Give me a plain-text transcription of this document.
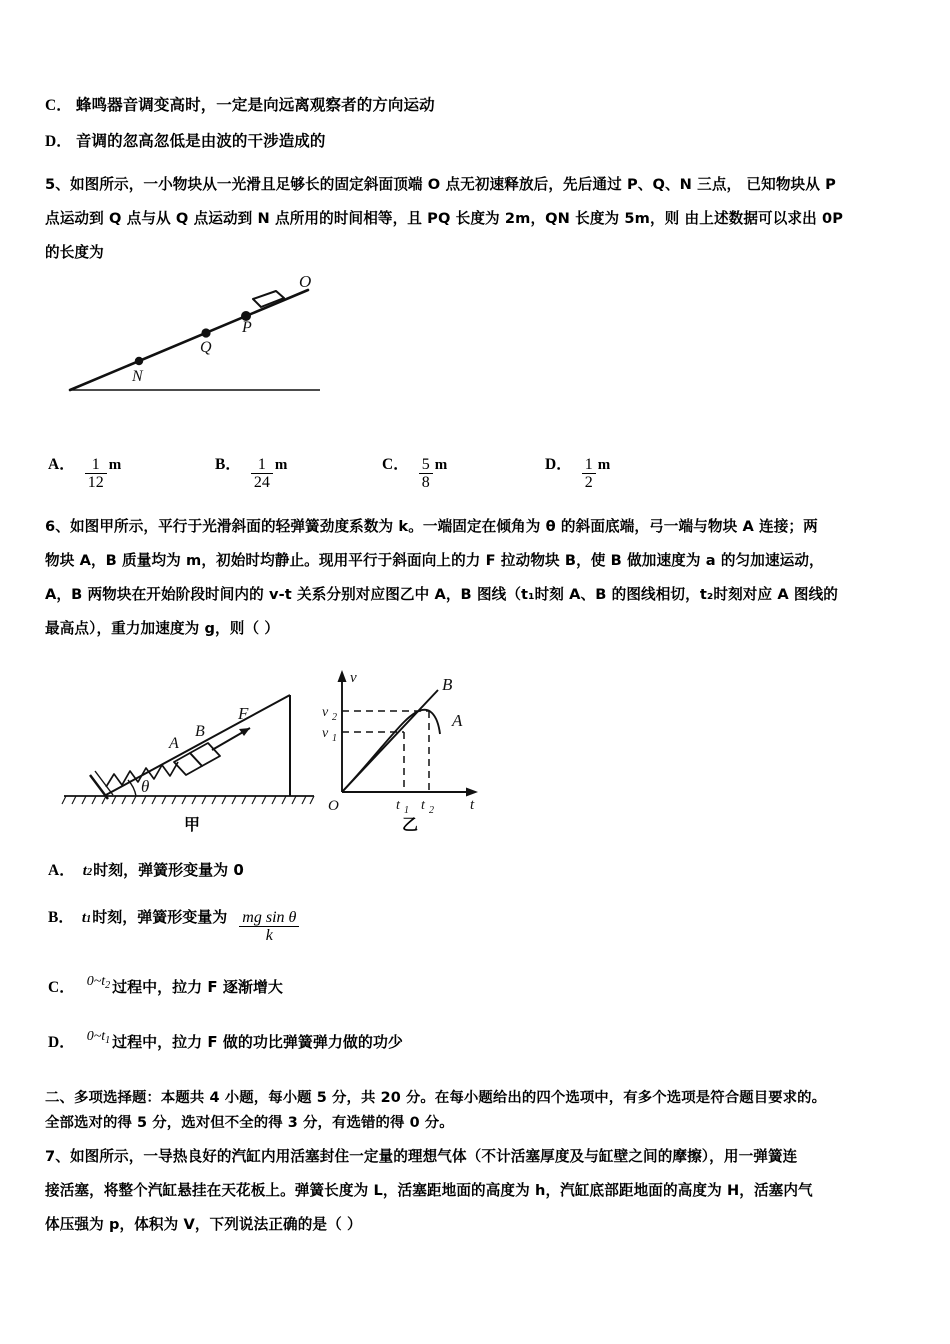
C． 蜂鸣器音调变高时，一定是向远离观察者的方向运动
D． 音调的忽高忽低是由波的干涉造成的
5、如图所示，一小物块从一光滑且足够长的固定斜面顶端 O 点无初速释放后，先后通过 P、Q、N 三点， 已知物块从 P
点运动到 Q 点与从 Q 点运动到 N 点所用的时间相等，且 PQ 长度为 2m，QN 长度为 5m，则 由上述数据可以求出 0P
的长度为
O
P
Q
N
A． $\frac{1}{12}$ m	B． $\frac{1}{24}$ m	C． $\frac{5}{8}$ m	D． $\frac{1}{2}$ m
6、如图甲所示，平行于光滑斜面的轻弹簧劲度系数为 k。一端固定在倾角为 θ 的斜面底端，弓一端与物块 A 连接；两
物块 A，B 质量均为 m，初始时均静止。现用平行于斜面向上的力 F 拉动物块 B，使 B 做加速度为 a 的匀加速运动，
A，B 两物块在开始阶段时间内的 v-t 关系分别对应图乙中 A，B 图线（t₁时刻 A、B 的图线相切，t₂时刻对应 A 图线的
最高点），重力加速度为 g，则（ ）
A
B
F
θ
甲
v
t
O
v 2
v 1
t 1 t 2
B
A
乙
A． t 2 时刻，弹簧形变量为 0
B． t 1 时刻，弹簧形变量为 $\frac{\text{mg sin θ}}{k}$
C． 0~t2 过程中，拉力 F 逐渐增大
D． 0~t1 过程中，拉力 F 做的功比弹簧弹力做的功少
二、多项选择题：本题共 4 小题，每小题 5 分，共 20 分。在每小题给出的四个选项中，有多个选项是符合题目要求的。
全部选对的得 5 分，选对但不全的得 3 分，有选错的得 0 分。
7、如图所示，一导热良好的汽缸内用活塞封住一定量的理想气体（不计活塞厚度及与缸壁之间的摩擦），用一弹簧连
接活塞，将整个汽缸悬挂在天花板上。弹簧长度为 L，活塞距地面的高度为 h，汽缸底部距地面的高度为 H，活塞内气
体压强为 p，体积为 V，下列说法正确的是（ ）
